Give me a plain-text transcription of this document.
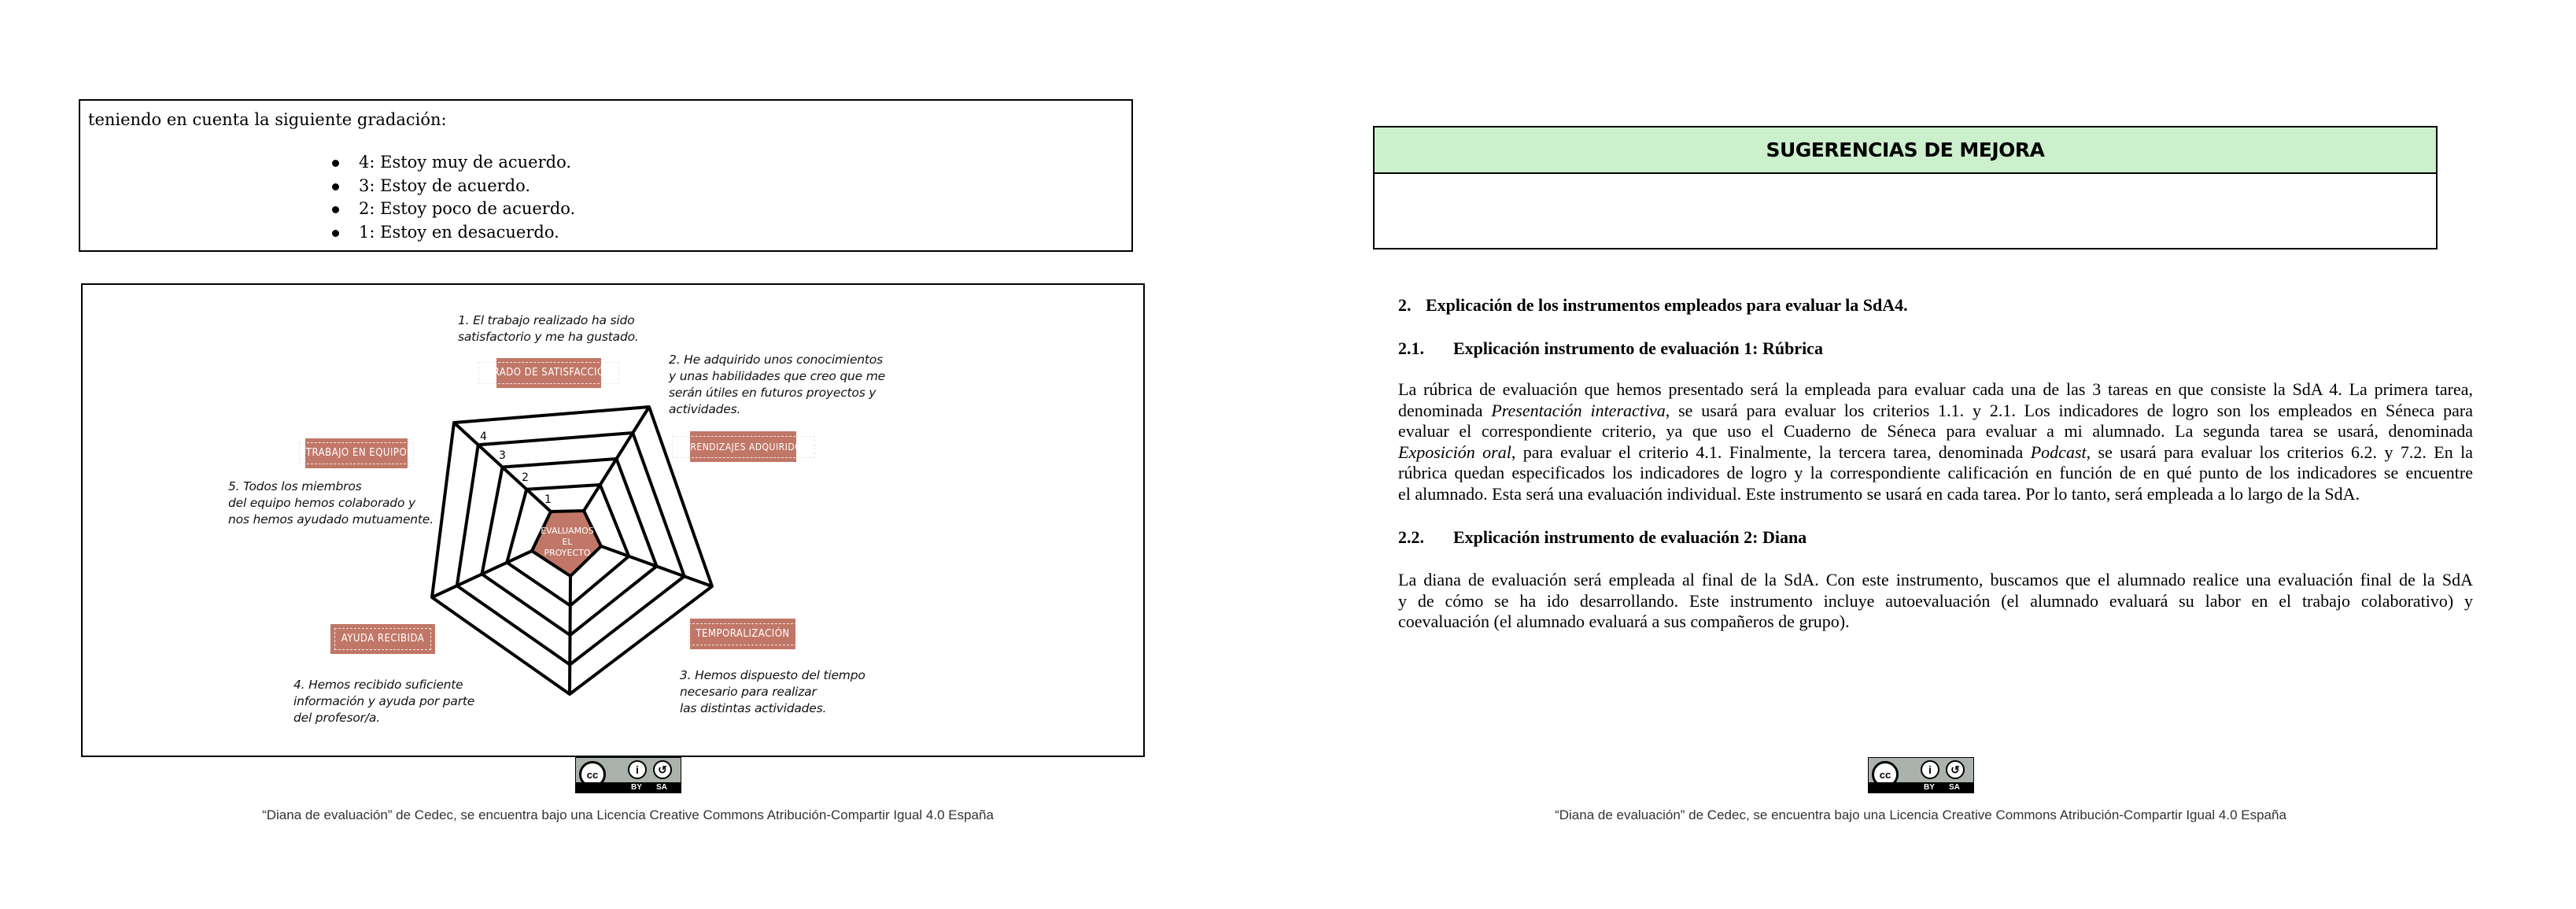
teniendo en cuenta la siguiente gradación:
4: Estoy muy de acuerdo.
3: Estoy de acuerdo.
2: Estoy poco de acuerdo.
1: Estoy en desacuerdo.
4
3
2
1
EVALUAMOS
EL
PROYECTO
1. El trabajo realizado ha sido
satisfactorio y me ha gustado.
2. He adquirido unos conocimientos
y unas habilidades que creo que me
serán útiles en futuros proyectos y
actividades.
3. Hemos dispuesto del tiempo
necesario para realizar
las distintas actividades.
4. Hemos recibido suficiente
información y ayuda por parte
del profesor/a.
5. Todos los miembros
del equipo hemos colaborado y
nos hemos ayudado mutuamente.
GRADO DE SATISFACCIÓN
APRENDIZAJES ADQUIRIDOS
TEMPORALIZACIÓN
AYUDA RECIBIDA
TRABAJO EN EQUIPO
cc	i	↺
BY SA
“Diana de evaluación” de Cedec, se encuentra bajo una Licencia Creative Commons Atribución-Compartir Igual 4.0 España
SUGERENCIAS DE MEJORA
2. Explicación de los instrumentos empleados para evaluar la SdA4.
2.1. Explicación instrumento de evaluación 1: Rúbrica
La rúbrica de evaluación que hemos presentado será la empleada para evaluar cada una de las 3 tareas en que consiste la SdA 4. La primera tarea,
denominada Presentación interactiva, se usará para evaluar los criterios 1.1. y 2.1. Los indicadores de logro son los empleados en Séneca para
evaluar el correspondiente criterio, ya que uso el Cuaderno de Séneca para evaluar a mi alumnado. La segunda tarea se usará, denominada
Exposición oral, para evaluar el criterio 4.1. Finalmente, la tercera tarea, denominada Podcast, se usará para evaluar los criterios 6.2. y 7.2. En la
rúbrica quedan especificados los indicadores de logro y la correspondiente calificación en función de en qué punto de los indicadores se encuentre
el alumnado. Esta será una evaluación individual. Este instrumento se usará en cada tarea. Por lo tanto, será empleada a lo largo de la SdA.
2.2. Explicación instrumento de evaluación 2: Diana
La diana de evaluación será empleada al final de la SdA. Con este instrumento, buscamos que el alumnado realice una evaluación final de la SdA
y de cómo se ha ido desarrollando. Este instrumento incluye autoevaluación (el alumnado evaluará su labor en el trabajo colaborativo) y
coevaluación (el alumnado evaluará a sus compañeros de grupo).
cc	i	↺
BY SA
“Diana de evaluación” de Cedec, se encuentra bajo una Licencia Creative Commons Atribución-Compartir Igual 4.0 España
